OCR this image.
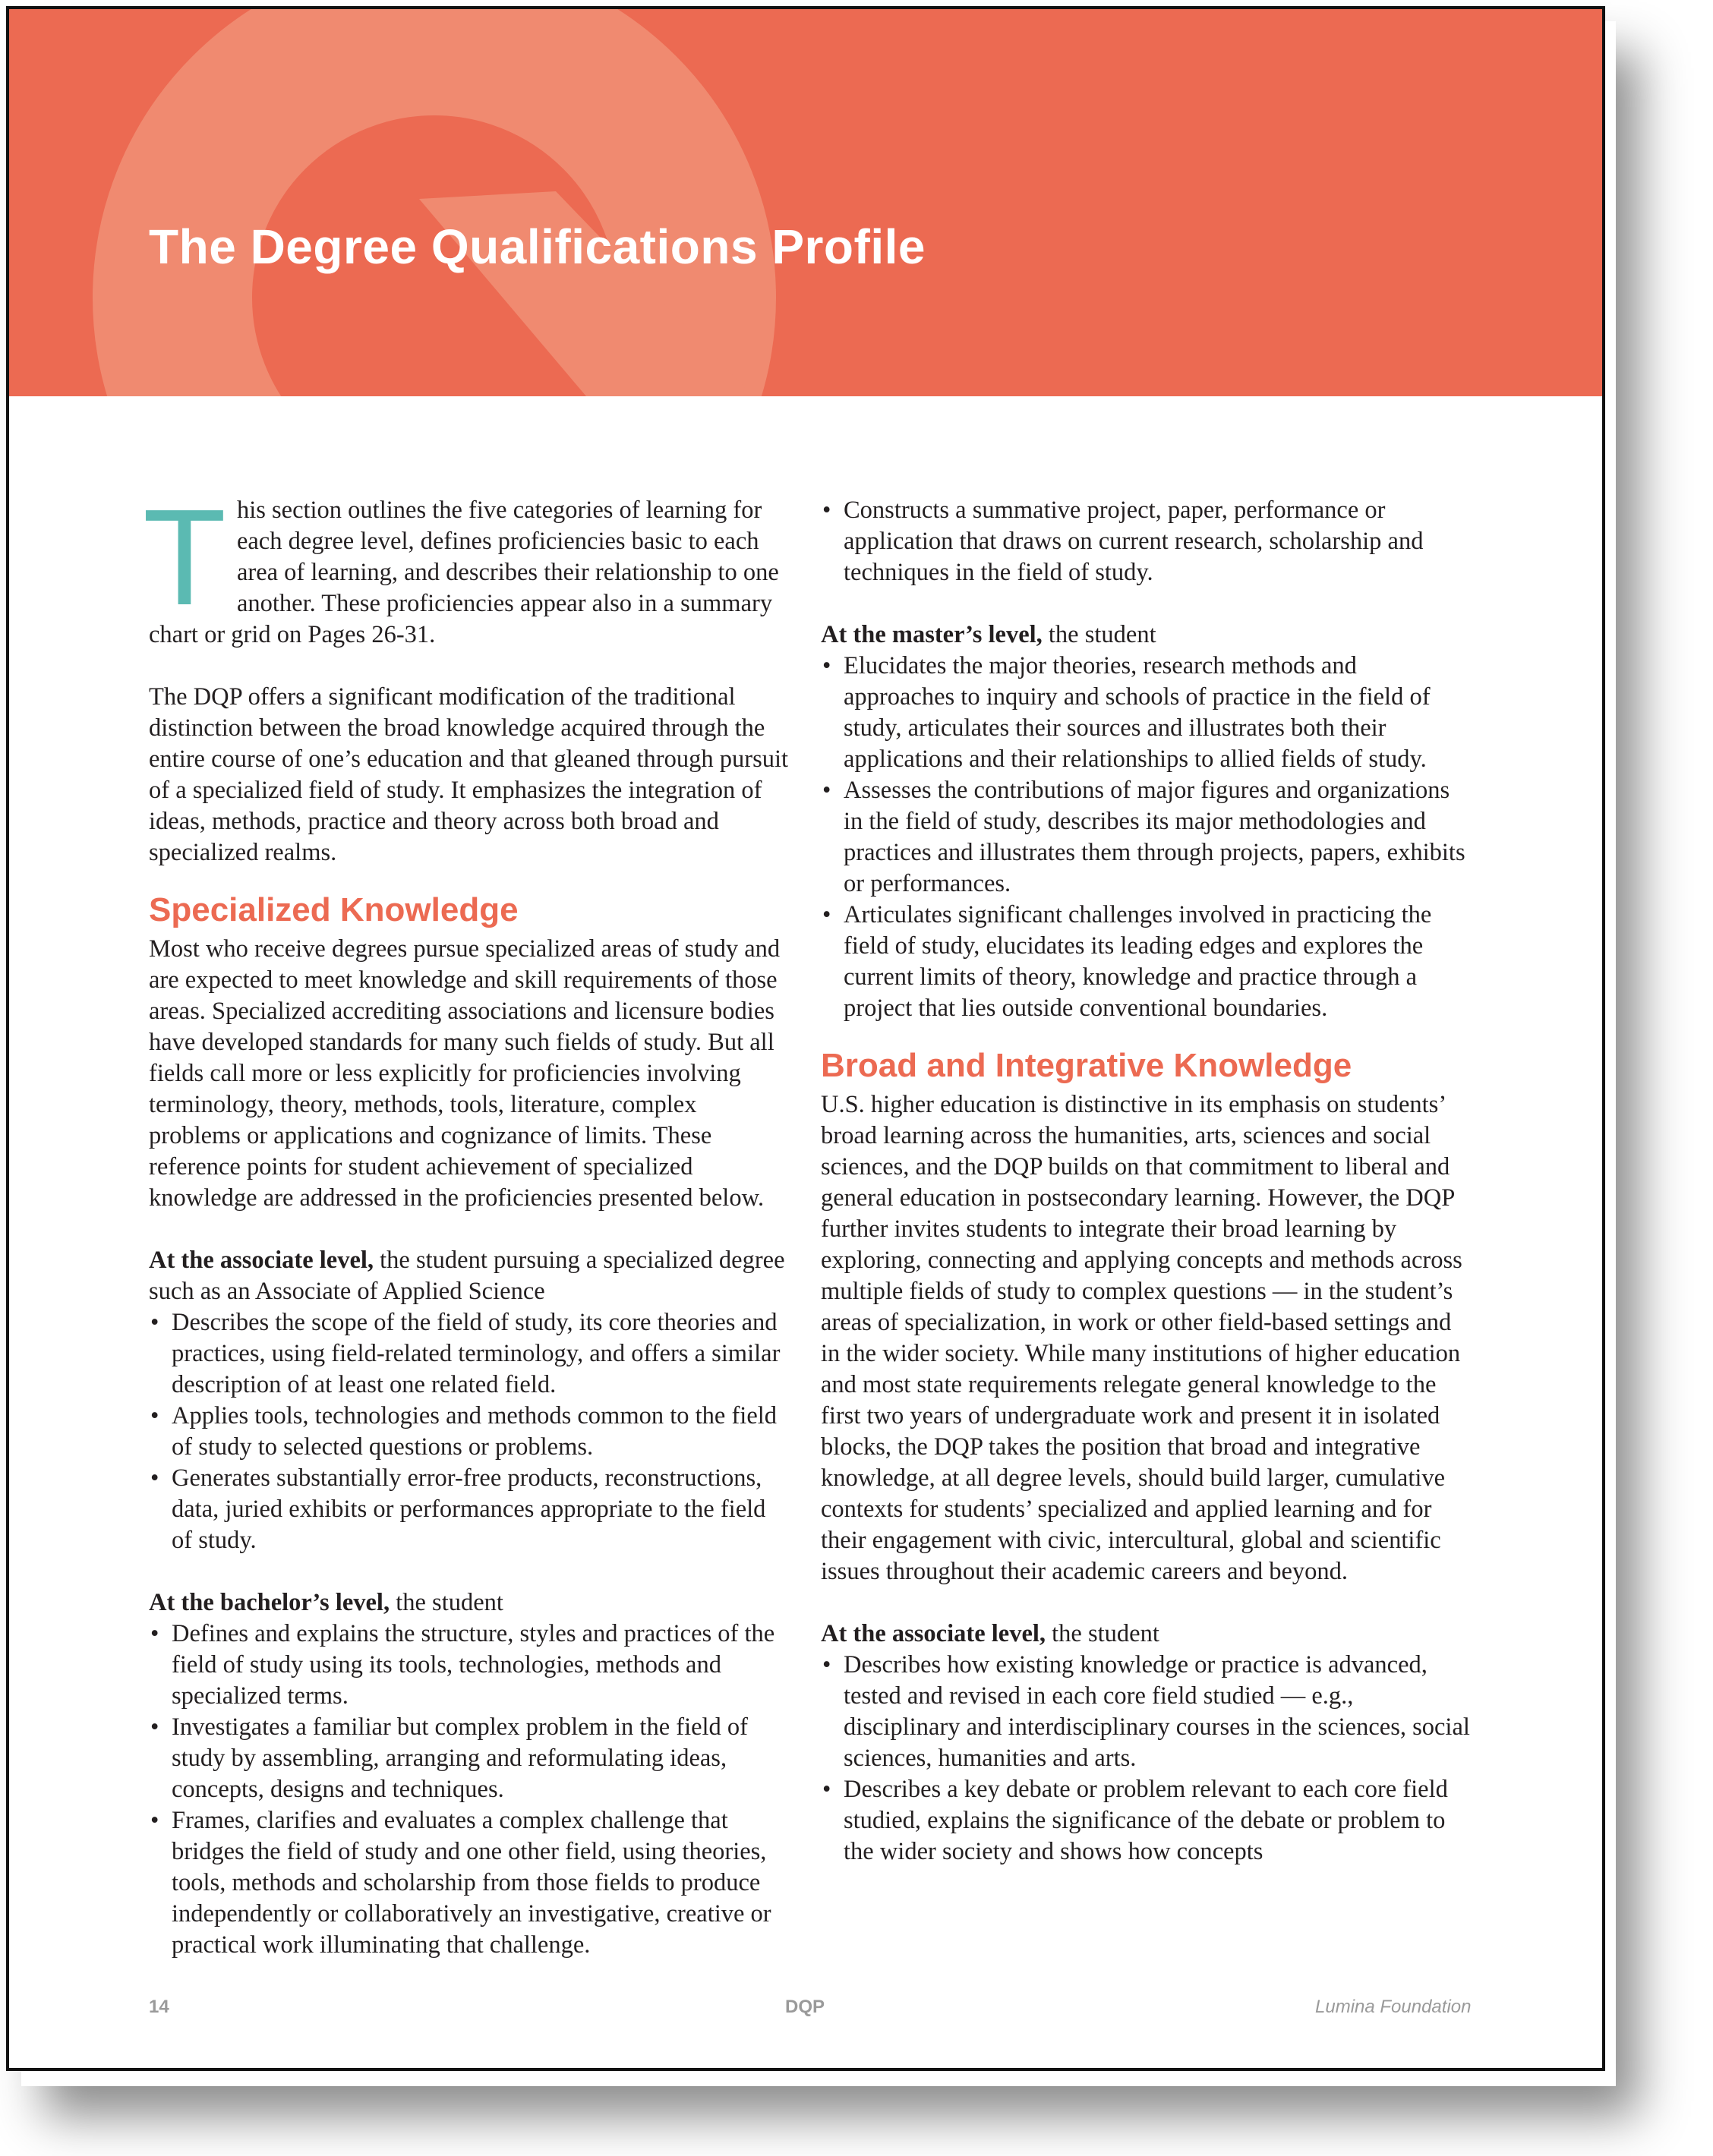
The Degree Qualifications Profile

This section outlines the five categories of learning for each degree level, defines proficiencies basic to each area of learning, and describes their relationship to one another. These proficiencies appear also in a summary chart or grid on Pages 26-31.

The DQP offers a significant modification of the traditional distinction between the broad knowledge acquired through the entire course of one’s education and that gleaned through pursuit of a specialized field of study. It emphasizes the integration of ideas, methods, practice and theory across both broad and specialized realms.

Specialized Knowledge

Most who receive degrees pursue specialized areas of study and are expected to meet knowledge and skill requirements of those areas. Specialized accrediting associations and licensure bodies have developed standards for many such fields of study. But all fields call more or less explicitly for proficiencies involving terminology, theory, methods, tools, literature, complex problems or applications and cognizance of limits. These reference points for student achievement of specialized knowledge are addressed in the proficiencies presented below.

At the associate level, the student pursuing a specialized degree such as an Associate of Applied Science

• Describes the scope of the field of study, its core theories and practices, using field-related terminology, and offers a similar description of at least one related field.
• Applies tools, technologies and methods common to the field of study to selected questions or problems.
• Generates substantially error-free products, reconstructions, data, juried exhibits or performances appropriate to the field of study.

At the bachelor’s level, the student

• Defines and explains the structure, styles and practices of the field of study using its tools, technologies, methods and specialized terms.
• Investigates a familiar but complex problem in the field of study by assembling, arranging and reformulating ideas, concepts, designs and techniques.
• Frames, clarifies and evaluates a complex challenge that bridges the field of study and one other field, using theories, tools, methods and scholarship from those fields to produce independently or collaboratively an investigative, creative or practical work illuminating that challenge.
• Constructs a summative project, paper, performance or application that draws on current research, scholarship and techniques in the field of study.

At the master’s level, the student

• Elucidates the major theories, research methods and approaches to inquiry and schools of practice in the field of study, articulates their sources and illustrates both their applications and their relationships to allied fields of study.
• Assesses the contributions of major figures and organizations in the field of study, describes its major methodologies and practices and illustrates them through projects, papers, exhibits or performances.
• Articulates significant challenges involved in practicing the field of study, elucidates its leading edges and explores the current limits of theory, knowledge and practice through a project that lies outside conventional boundaries.
Broad and Integrative Knowledge

U.S. higher education is distinctive in its emphasis on students’ broad learning across the humanities, arts, sciences and social sciences, and the DQP builds on that commitment to liberal and general education in postsecondary learning. However, the DQP further invites students to integrate their broad learning by exploring, connecting and applying concepts and methods across multiple fields of study to complex questions — in the student’s areas of specialization, in work or other field-based settings and in the wider society. While many institutions of higher education and most state requirements relegate general knowledge to the first two years of undergraduate work and present it in isolated blocks, the DQP takes the position that broad and integrative knowledge, at all degree levels, should build larger, cumulative contexts for students’ specialized and applied learning and for their engagement with civic, intercultural, global and scientific issues throughout their academic careers and beyond.

At the associate level, the student

• Describes how existing knowledge or practice is advanced, tested and revised in each core field studied — e.g., disciplinary and interdisciplinary courses in the sciences, social sciences, humanities and arts.
• Describes a key debate or problem relevant to each core field studied, explains the significance of the debate or problem to the wider society and shows how concepts
14	DQP	Lumina Foundation
